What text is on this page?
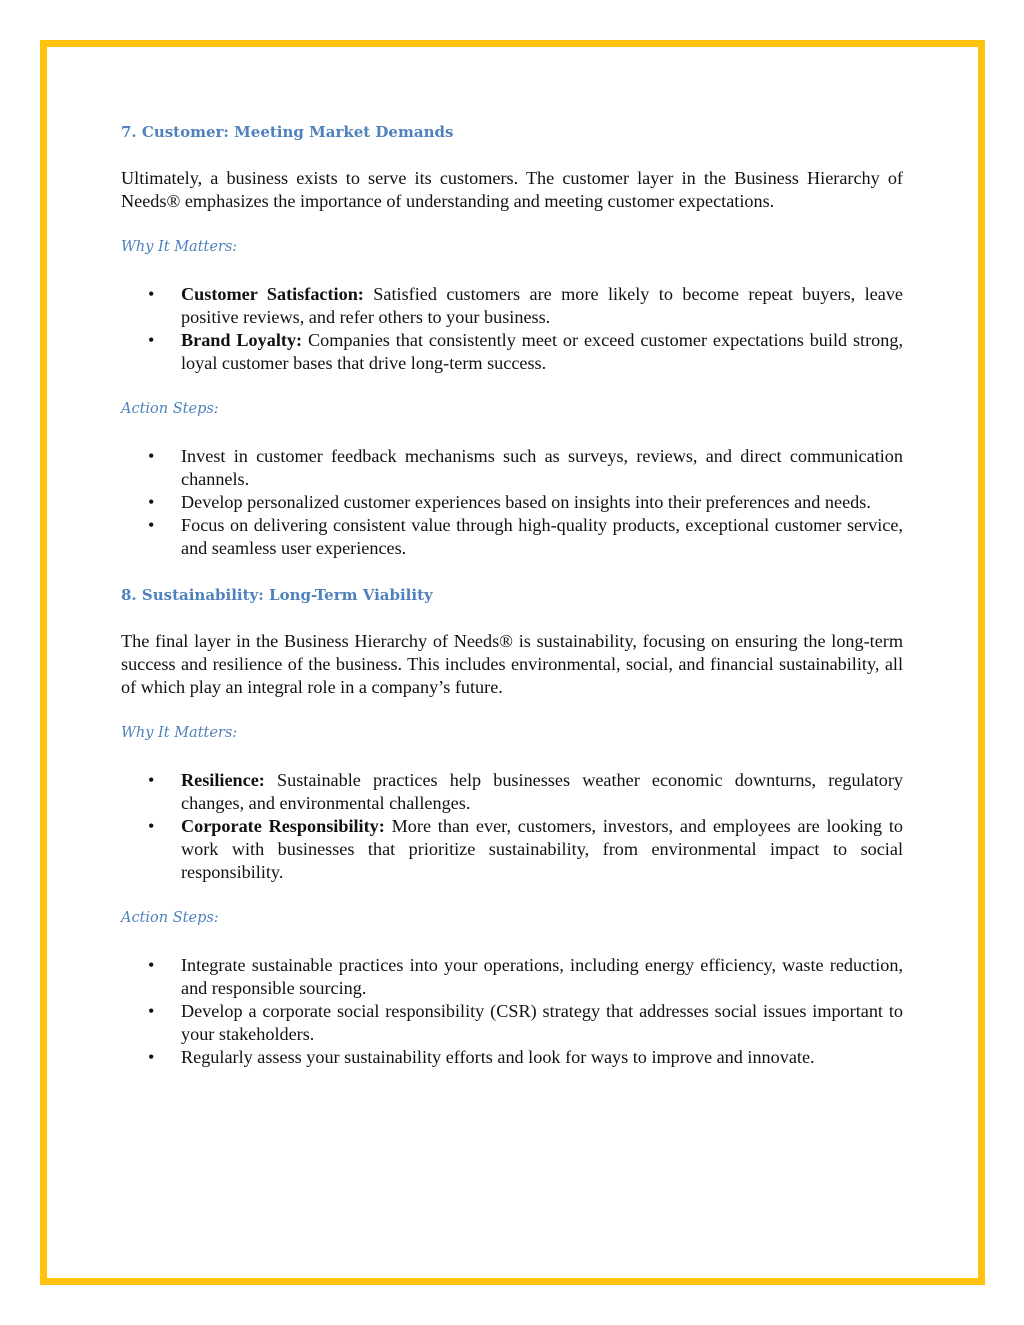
7. Customer: Meeting Market Demands

Ultimately, a business exists to serve its customers. The customer layer in the Business Hierarchy of Needs® emphasizes the importance of understanding and meeting customer expectations.

Why It Matters:
• Customer Satisfaction: Satisfied customers are more likely to become repeat buyers, leave positive reviews, and refer others to your business.
• Brand Loyalty: Companies that consistently meet or exceed customer expectations build strong, loyal customer bases that drive long-term success.
Action Steps:
• Invest in customer feedback mechanisms such as surveys, reviews, and direct communication channels.
• Develop personalized customer experiences based on insights into their preferences and needs.
• Focus on delivering consistent value through high-quality products, exceptional customer service, and seamless user experiences.
8. Sustainability: Long-Term Viability

The final layer in the Business Hierarchy of Needs® is sustainability, focusing on ensuring the long-term success and resilience of the business. This includes environmental, social, and financial sustainability, all of which play an integral role in a company’s future.

Why It Matters:
• Resilience: Sustainable practices help businesses weather economic downturns, regulatory changes, and environmental challenges.
• Corporate Responsibility: More than ever, customers, investors, and employees are looking to work with businesses that prioritize sustainability, from environmental impact to social responsibility.
Action Steps:
• Integrate sustainable practices into your operations, including energy efficiency, waste reduction, and responsible sourcing.
• Develop a corporate social responsibility (CSR) strategy that addresses social issues important to your stakeholders.
• Regularly assess your sustainability efforts and look for ways to improve and innovate.
